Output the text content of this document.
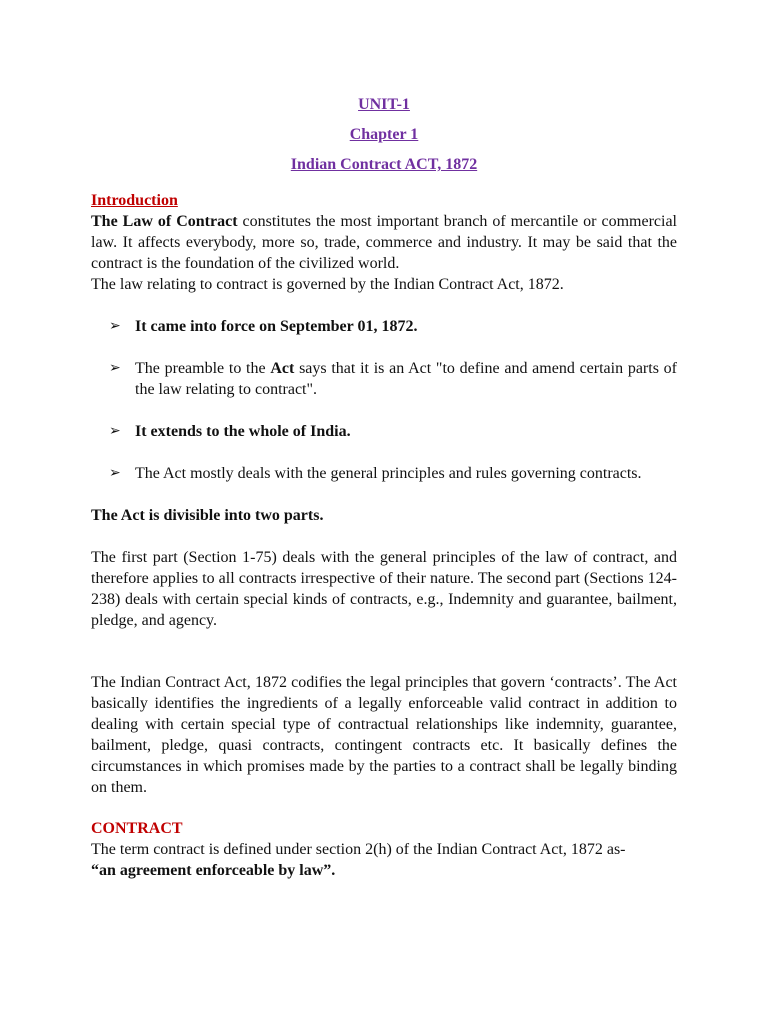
UNIT-1
Chapter 1
Indian Contract ACT, 1872
Introduction

The Law of Contract constitutes the most important branch of mercantile or commercial law. It affects everybody, more so, trade, commerce and industry. It may be said that the contract is the foundation of the civilized world.

The law relating to contract is governed by the Indian Contract Act, 1872.

➢ It came into force on September 01, 1872.
➢ The preamble to the Act says that it is an Act "to define and amend certain parts of the law relating to contract".
➢ It extends to the whole of India.
➢ The Act mostly deals with the general principles and rules governing contracts.

The Act is divisible into two parts.

The first part (Section 1-75) deals with the general principles of the law of contract, and therefore applies to all contracts irrespective of their nature. The second part (Sections 124-238) deals with certain special kinds of contracts, e.g., Indemnity and guarantee, bailment, pledge, and agency.

The Indian Contract Act, 1872 codifies the legal principles that govern ‘contracts’. The Act basically identifies the ingredients of a legally enforceable valid contract in addition to dealing with certain special type of contractual relationships like indemnity, guarantee, bailment, pledge, quasi contracts, contingent contracts etc. It basically defines the circumstances in which promises made by the parties to a contract shall be legally binding on them.

CONTRACT

The term contract is defined under section 2(h) of the Indian Contract Act, 1872 as-

“an agreement enforceable by law”.
